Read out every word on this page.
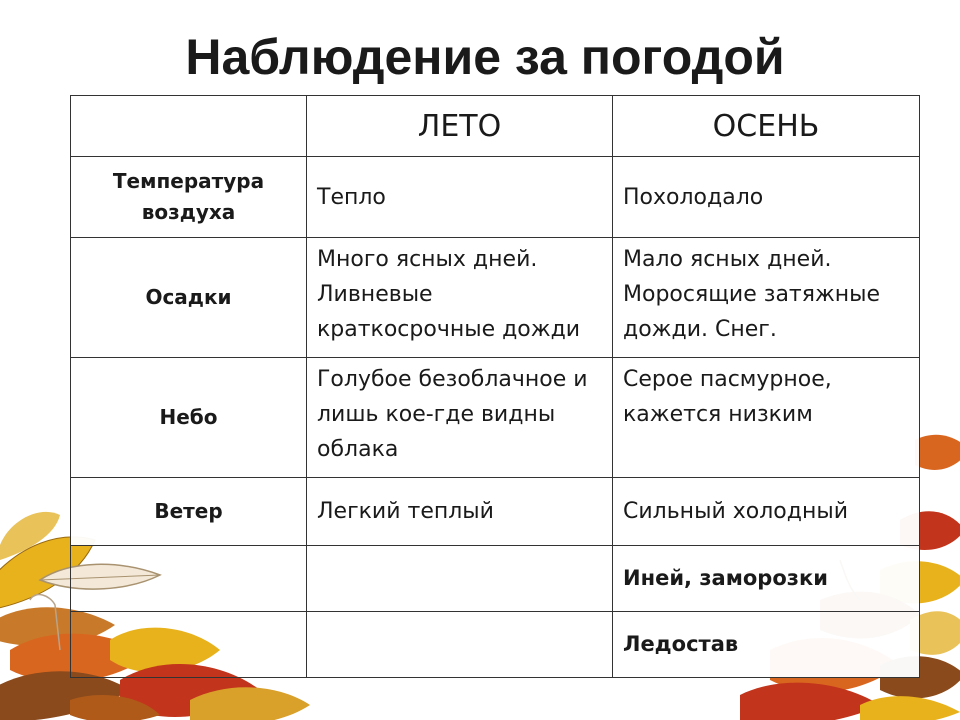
Наблюдение за погодой
	ЛЕТО	ОСЕНЬ
Температура воздуха	Тепло	Похолодало
Осадки	Много ясных дней. Ливневые краткосрочные дожди	Мало ясных дней. Моросящие затяжные дожди. Снег.
Небо	Голубое безоблачное и лишь кое-где видны облака	Серое пасмурное, кажется низким
Ветер	Легкий теплый	Сильный холодный
		Иней, заморозки
		Ледостав
